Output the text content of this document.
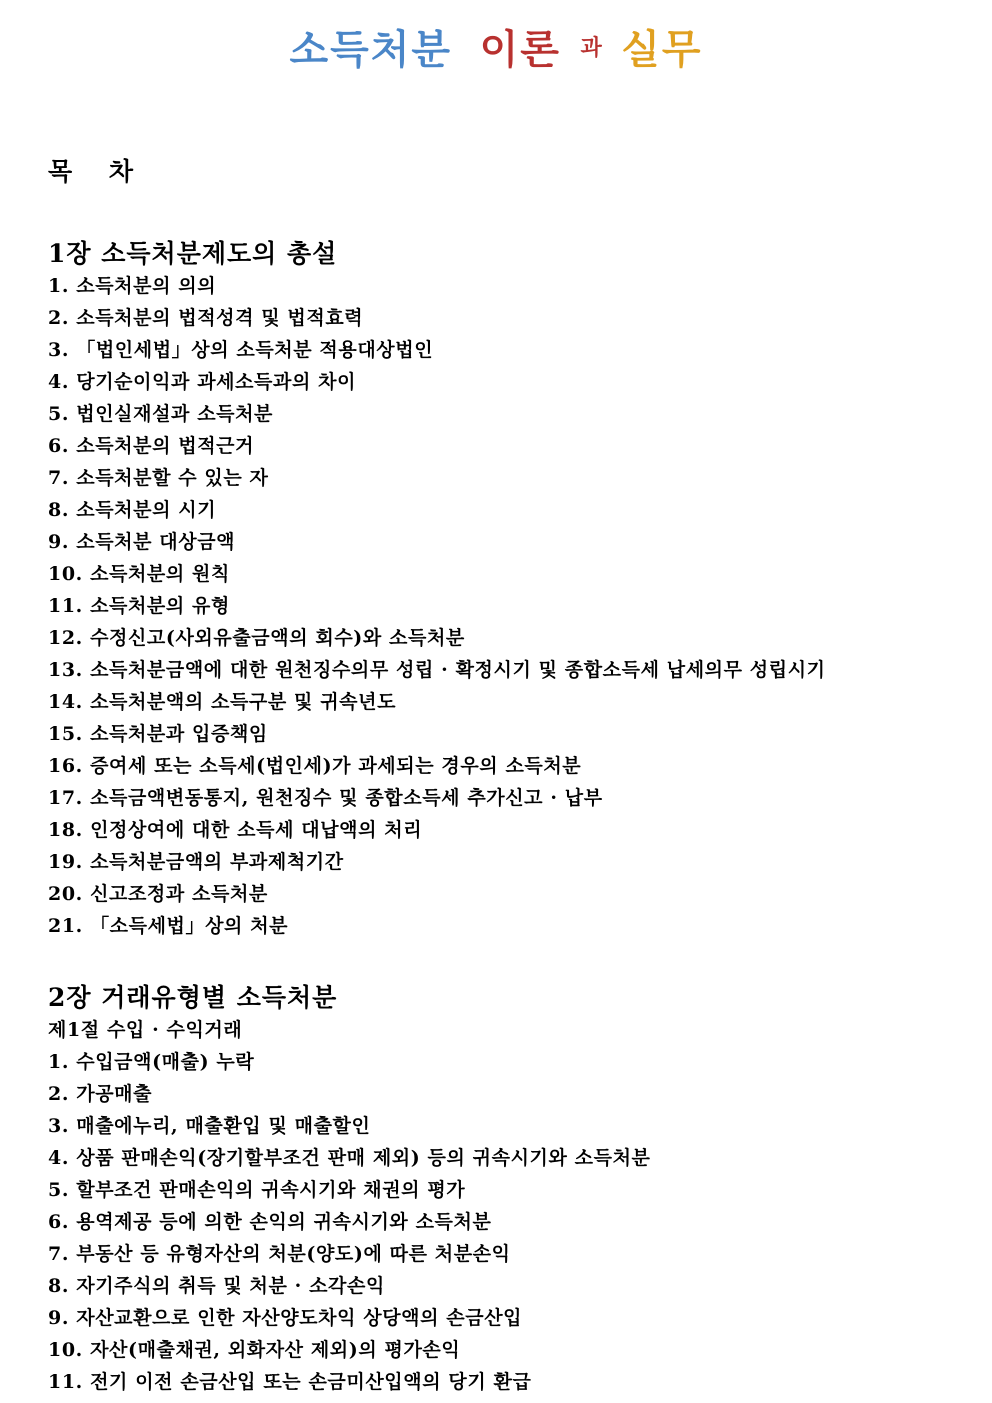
소득처분 이론 과 실무
목 차
1장 소득처분제도의 총설
1. 소득처분의 의의
2. 소득처분의 법적성격 및 법적효력
3. 「법인세법」상의 소득처분 적용대상법인
4. 당기순이익과 과세소득과의 차이
5. 법인실재설과 소득처분
6. 소득처분의 법적근거
7. 소득처분할 수 있는 자
8. 소득처분의 시기
9. 소득처분 대상금액
10. 소득처분의 원칙
11. 소득처분의 유형
12. 수정신고(사외유출금액의 회수)와 소득처분
13. 소득처분금액에 대한 원천징수의무 성립 · 확정시기 및 종합소득세 납세의무 성립시기
14. 소득처분액의 소득구분 및 귀속년도
15. 소득처분과 입증책임
16. 증여세 또는 소득세(법인세)가 과세되는 경우의 소득처분
17. 소득금액변동통지, 원천징수 및 종합소득세 추가신고 · 납부
18. 인정상여에 대한 소득세 대납액의 처리
19. 소득처분금액의 부과제척기간
20. 신고조정과 소득처분
21. 「소득세법」상의 처분
2장 거래유형별 소득처분
제1절 수입 · 수익거래
1. 수입금액(매출) 누락
2. 가공매출
3. 매출에누리, 매출환입 및 매출할인
4. 상품 판매손익(장기할부조건 판매 제외) 등의 귀속시기와 소득처분
5. 할부조건 판매손익의 귀속시기와 채권의 평가
6. 용역제공 등에 의한 손익의 귀속시기와 소득처분
7. 부동산 등 유형자산의 처분(양도)에 따른 처분손익
8. 자기주식의 취득 및 처분 · 소각손익
9. 자산교환으로 인한 자산양도차익 상당액의 손금산입
10. 자산(매출채권, 외화자산 제외)의 평가손익
11. 전기 이전 손금산입 또는 손금미산입액의 당기 환급
